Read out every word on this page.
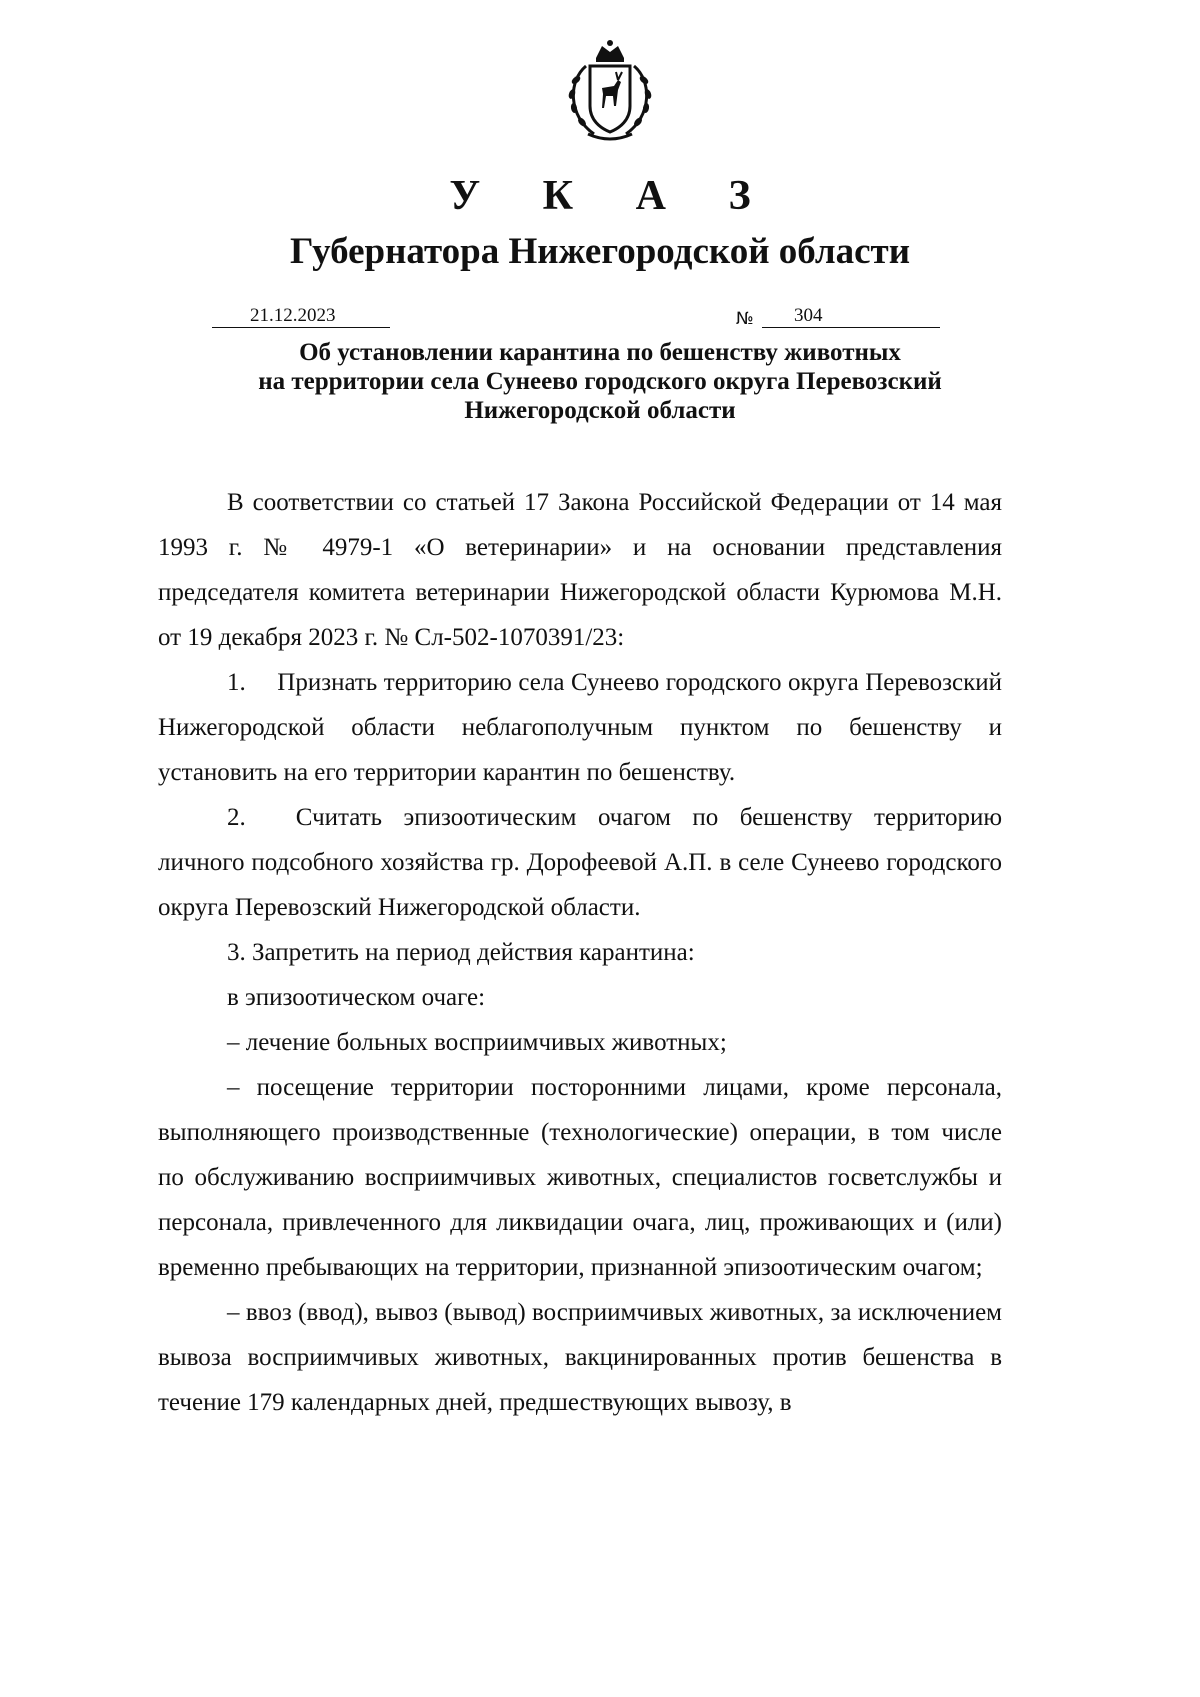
У К А З
Губернатора Нижегородской области
21.12.2023	№ 304
Об установлении карантина по бешенству животных
на территории села Сунеево городского округа Перевозский
Нижегородской области

В соответствии со статьей 17 Закона Российской Федерации от 14 мая 1993 г. № 4979-1 «О ветеринарии» и на основании представления председателя комитета ветеринарии Нижегородской области Курюмова М.Н. от 19 декабря 2023 г. № Сл-502-1070391/23:

1.  Признать территорию села Сунеево городского округа Перевозский Нижегородской области неблагополучным пунктом по бешенству и установить на его территории карантин по бешенству.

2.  Считать эпизоотическим очагом по бешенству территорию личного подсобного хозяйства гр. Дорофеевой А.П. в селе Сунеево городского округа Перевозский Нижегородской области.

3. Запретить на период действия карантина:

в эпизоотическом очаге:

– лечение больных восприимчивых животных;

– посещение территории посторонними лицами, кроме персонала, выполняющего производственные (технологические) операции, в том числе по обслуживанию восприимчивых животных, специалистов госветслужбы и персонала, привлеченного для ликвидации очага, лиц, проживающих и (или) временно пребывающих на территории, признанной эпизоотическим очагом;

– ввоз (ввод), вывоз (вывод) восприимчивых животных, за исключением вывоза восприимчивых животных, вакцинированных против бешенства в течение 179 календарных дней, предшествующих вывозу, в
